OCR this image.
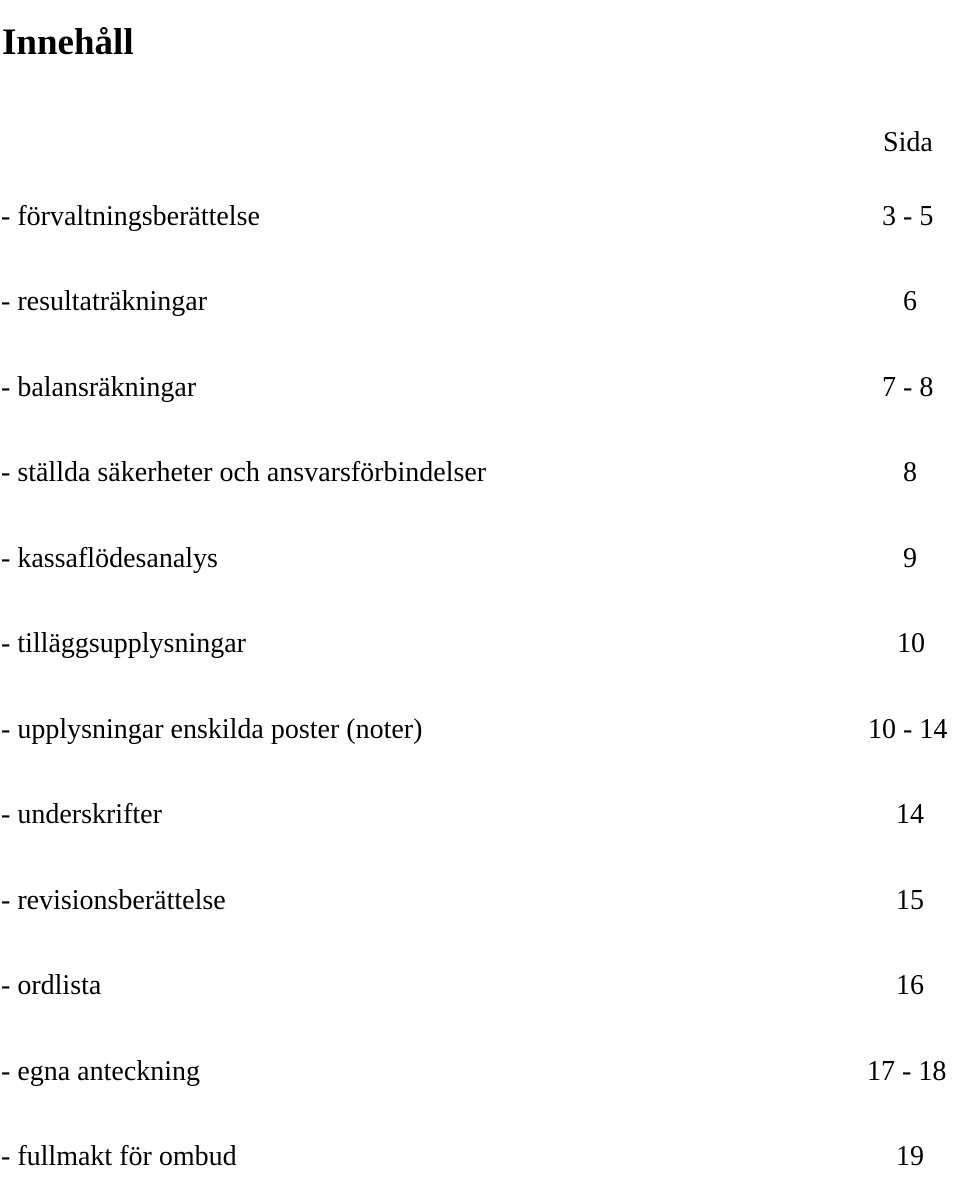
Innehåll
Sida
- förvaltningsberättelse	3 - 5
- resultaträkningar	6
- balansräkningar	7 - 8
- ställda säkerheter och ansvarsförbindelser	8
- kassaflödesanalys	9
- tilläggsupplysningar	10
- upplysningar enskilda poster (noter)	10 - 14
- underskrifter	14
- revisionsberättelse	15
- ordlista	16
- egna anteckning	17 - 18
- fullmakt för ombud	19
